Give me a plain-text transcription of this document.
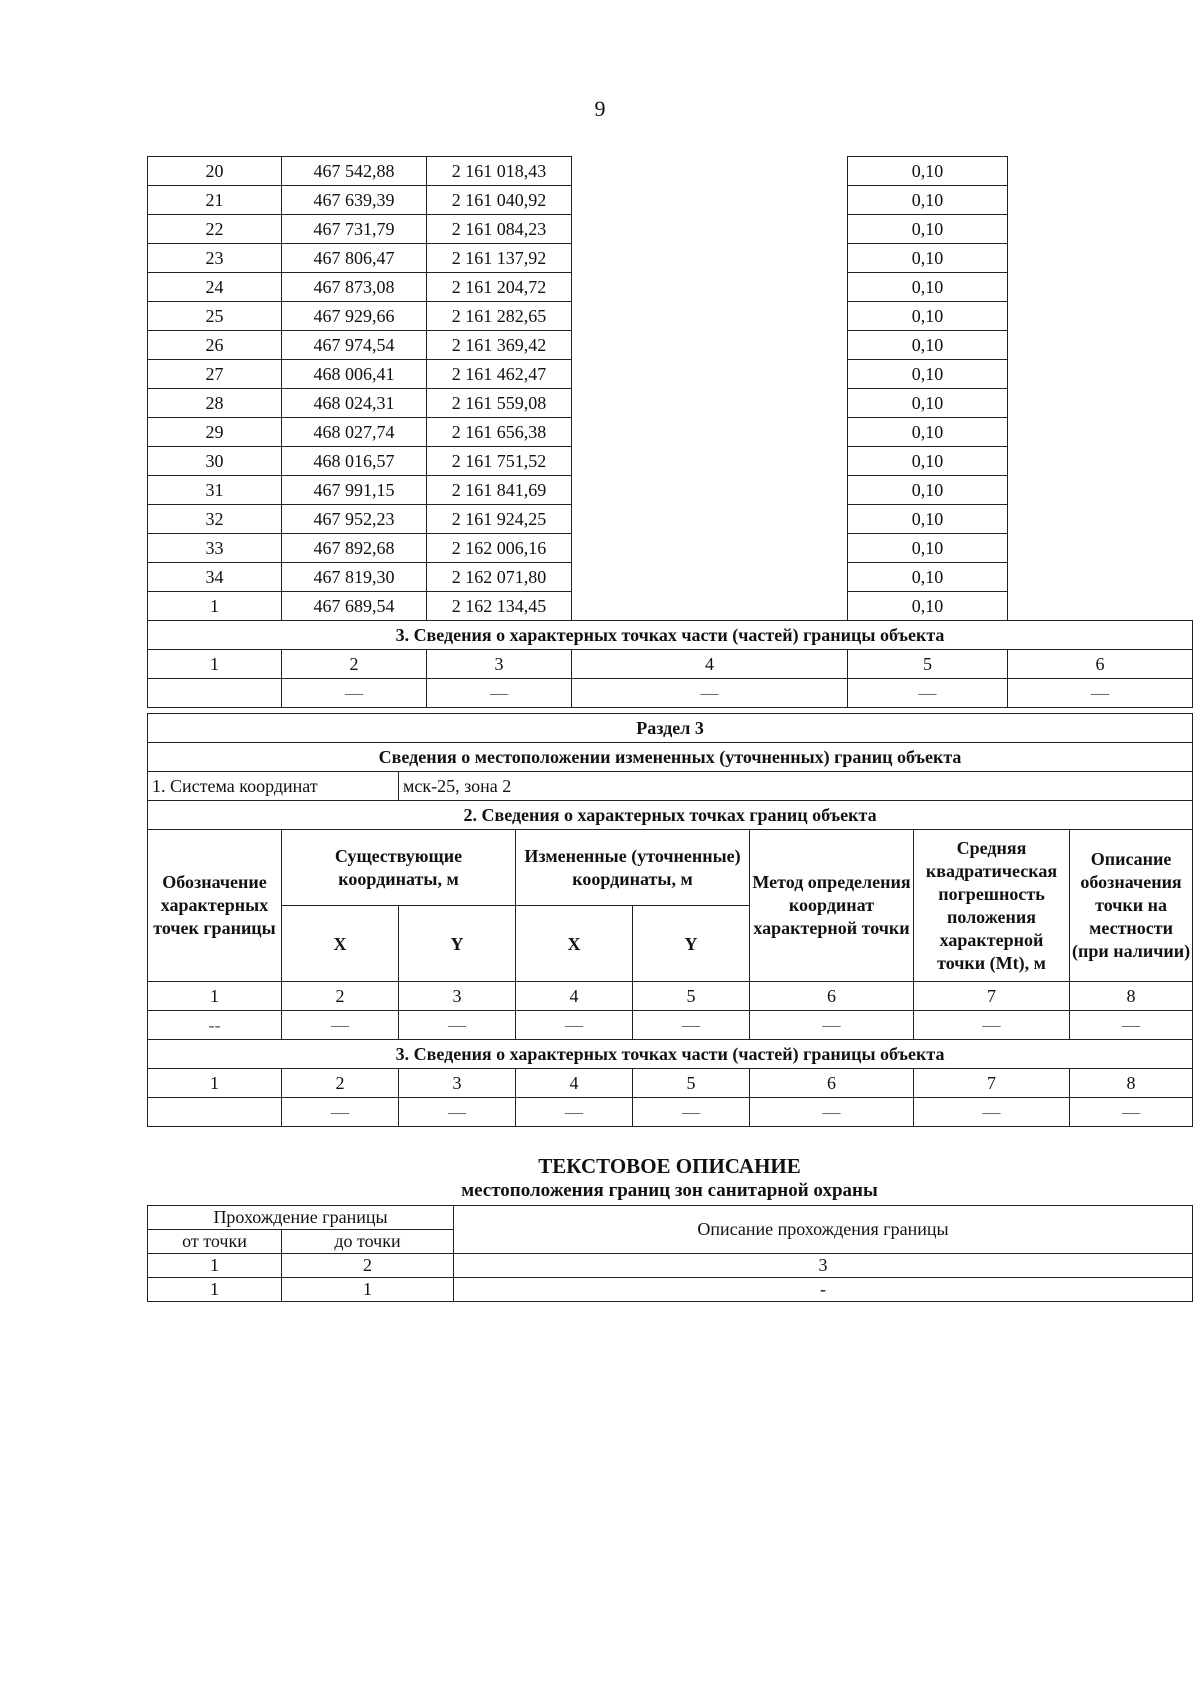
9
20	467 542,88	2 161 018,43		0,10	
21	467 639,39	2 161 040,92		0,10	
22	467 731,79	2 161 084,23		0,10	
23	467 806,47	2 161 137,92		0,10	
24	467 873,08	2 161 204,72		0,10	
25	467 929,66	2 161 282,65		0,10	
26	467 974,54	2 161 369,42		0,10	
27	468 006,41	2 161 462,47		0,10	
28	468 024,31	2 161 559,08		0,10	
29	468 027,74	2 161 656,38		0,10	
30	468 016,57	2 161 751,52		0,10	
31	467 991,15	2 161 841,69		0,10	
32	467 952,23	2 161 924,25		0,10	
33	467 892,68	2 162 006,16		0,10	
34	467 819,30	2 162 071,80		0,10	
1	467 689,54	2 162 134,45		0,10	
3. Сведения о характерных точках части (частей) границы объекта					
1	2	3	4	5	6
	—	—	—	—	—
Раздел 3							
Сведения о местоположении измененных (уточненных) границ объекта							
1. Система координат		мск-25, зона 2					
2. Сведения о характерных точках границ объекта							
Обозначение характерных точек границы	Существующие координаты, м		Измененные (уточненные) координаты, м		Метод определения координат характерной точки	Средняя квадратическая погрешность положения характерной точки (Mt), м	Описание обозначения точки на местности (при наличии)
	X	Y	X	Y			
1	2	3	4	5	6	7	8
--	—	—	—	—	—	—	—
3. Сведения о характерных точках части (частей) границы объекта							
1	2	3	4	5	6	7	8
	—	—	—	—	—	—	—
ТЕКСТОВОЕ ОПИСАНИЕ
местоположения границ зон санитарной охраны
Прохождение границы		Описание прохождения границы
от точки	до точки	
1	2	3
1	1	-
